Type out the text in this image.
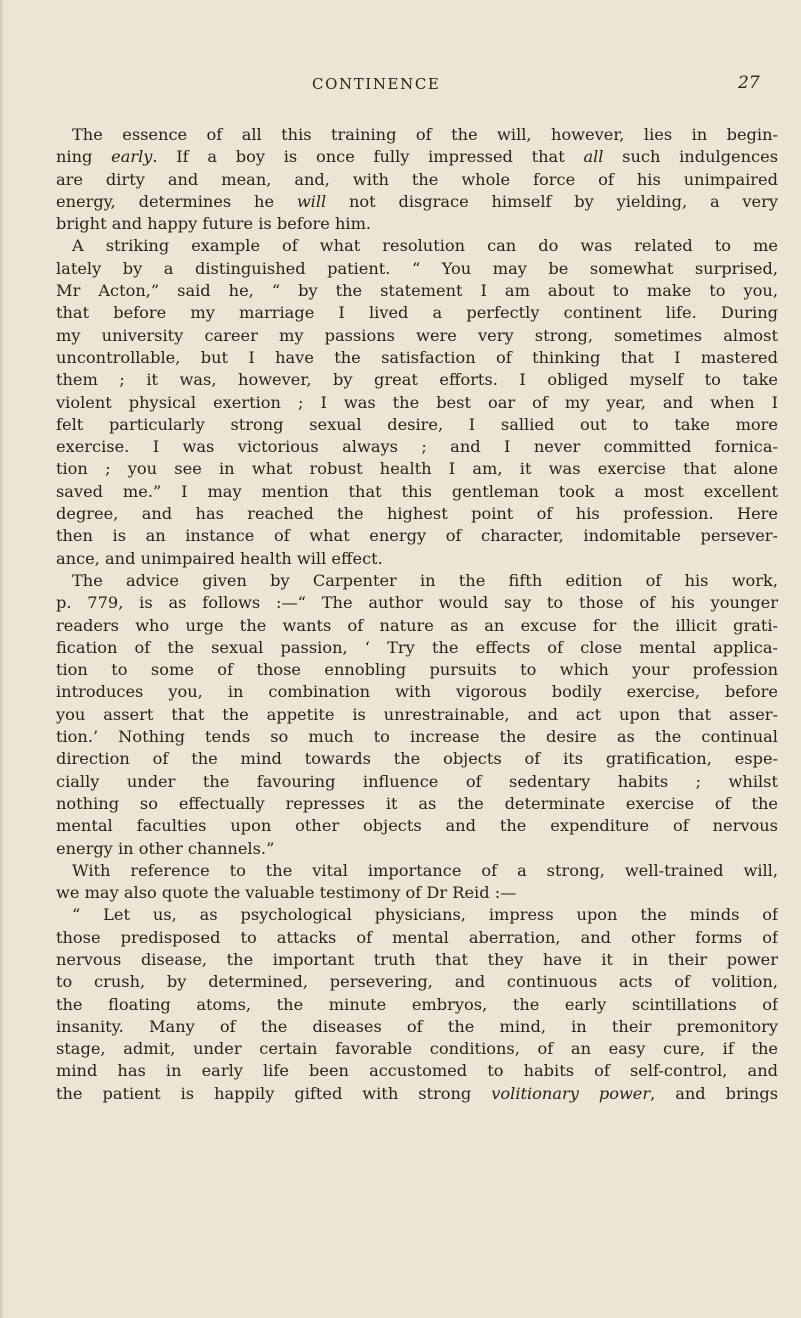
CONTINENCE	27
The essence of all this training of the will, however, lies in begin-
ning early. If a boy is once fully impressed that all such indulgences
are dirty and mean, and, with the whole force of his unimpaired
energy, determines he will not disgrace himself by yielding, a very
bright and happy future is before him.
A striking example of what resolution can do was related to me
lately by a distinguished patient. “ You may be somewhat surprised,
Mr Acton,” said he, “ by the statement I am about to make to you,
that before my marriage I lived a perfectly continent life. During
my university career my passions were very strong, sometimes almost
uncontrollable, but I have the satisfaction of thinking that I mastered
them ; it was, however, by great efforts. I obliged myself to take
violent physical exertion ; I was the best oar of my year, and when I
felt particularly strong sexual desire, I sallied out to take more
exercise. I was victorious always ; and I never committed fornica-
tion ; you see in what robust health I am, it was exercise that alone
saved me.” I may mention that this gentleman took a most excellent
degree, and has reached the highest point of his profession. Here
then is an instance of what energy of character, indomitable persever-
ance, and unimpaired health will effect.
The advice given by Carpenter in the fifth edition of his work,
p. 779, is as follows :—“ The author would say to those of his younger
readers who urge the wants of nature as an excuse for the illicit grati-
fication of the sexual passion, ‘ Try the effects of close mental applica-
tion to some of those ennobling pursuits to which your profession
introduces you, in combination with vigorous bodily exercise, before
you assert that the appetite is unrestrainable, and act upon that asser-
tion.’ Nothing tends so much to increase the desire as the continual
direction of the mind towards the objects of its gratification, espe-
cially under the favouring influence of sedentary habits ; whilst
nothing so effectually represses it as the determinate exercise of the
mental faculties upon other objects and the expenditure of nervous
energy in other channels.”
With reference to the vital importance of a strong, well-trained will,
we may also quote the valuable testimony of Dr Reid :—
“ Let us, as psychological physicians, impress upon the minds of
those predisposed to attacks of mental aberration, and other forms of
nervous disease, the important truth that they have it in their power
to crush, by determined, persevering, and continuous acts of volition,
the floating atoms, the minute embryos, the early scintillations of
insanity. Many of the diseases of the mind, in their premonitory
stage, admit, under certain favorable conditions, of an easy cure, if the
mind has in early life been accustomed to habits of self-control, and
the patient is happily gifted with strong volitionary power, and brings
